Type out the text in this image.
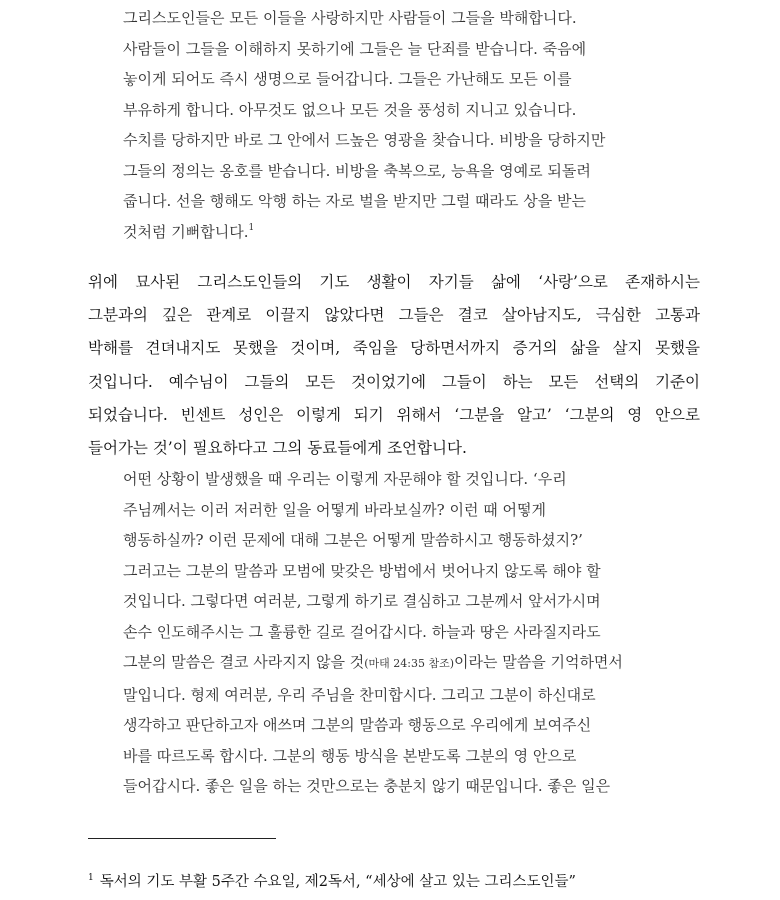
그리스도인들은 모든 이들을 사랑하지만 사람들이 그들을 박해합니다.
사람들이 그들을 이해하지 못하기에 그들은 늘 단죄를 받습니다. 죽음에
놓이게 되어도 즉시 생명으로 들어갑니다. 그들은 가난해도 모든 이를
부유하게 합니다. 아무것도 없으나 모든 것을 풍성히 지니고 있습니다.
수치를 당하지만 바로 그 안에서 드높은 영광을 찾습니다. 비방을 당하지만
그들의 정의는 옹호를 받습니다. 비방을 축복으로, 능욕을 영예로 되돌려
줍니다. 선을 행해도 악행 하는 자로 벌을 받지만 그럴 때라도 상을 받는
것처럼 기뻐합니다.$^1$
위에 묘사된 그리스도인들의 기도 생활이 자기들 삶에 ‘사랑’으로 존재하시는
그분과의 깊은 관계로 이끌지 않았다면 그들은 결코 살아남지도, 극심한 고통과
박해를 견뎌내지도 못했을 것이며, 죽임을 당하면서까지 증거의 삶을 살지 못했을
것입니다. 예수님이 그들의 모든 것이었기에 그들이 하는 모든 선택의 기준이
되었습니다. 빈센트 성인은 이렇게 되기 위해서 ‘그분을 알고’ ‘그분의 영 안으로
들어가는 것’이 필요하다고 그의 동료들에게 조언합니다.
어떤 상황이 발생했을 때 우리는 이렇게 자문해야 할 것입니다. ‘우리
주님께서는 이러 저러한 일을 어떻게 바라보실까? 이런 때 어떻게
행동하실까? 이런 문제에 대해 그분은 어떻게 말씀하시고 행동하셨지?’
그러고는 그분의 말씀과 모범에 맞갖은 방법에서 벗어나지 않도록 해야 할
것입니다. 그렇다면 여러분, 그렇게 하기로 결심하고 그분께서 앞서가시며
손수 인도해주시는 그 훌륭한 길로 걸어갑시다. 하늘과 땅은 사라질지라도
그분의 말씀은 결코 사라지지 않을 것(마태 24:35 참조)이라는 말씀을 기억하면서
말입니다. 형제 여러분, 우리 주님을 찬미합시다. 그리고 그분이 하신대로
생각하고 판단하고자 애쓰며 그분의 말씀과 행동으로 우리에게 보여주신
바를 따르도록 합시다. 그분의 행동 방식을 본받도록 그분의 영 안으로
들어갑시다. 좋은 일을 하는 것만으로는 충분치 않기 때문입니다. 좋은 일은
$^1$ 독서의 기도 부활 5주간 수요일, 제2독서, “세상에 살고 있는 그리스도인들”
